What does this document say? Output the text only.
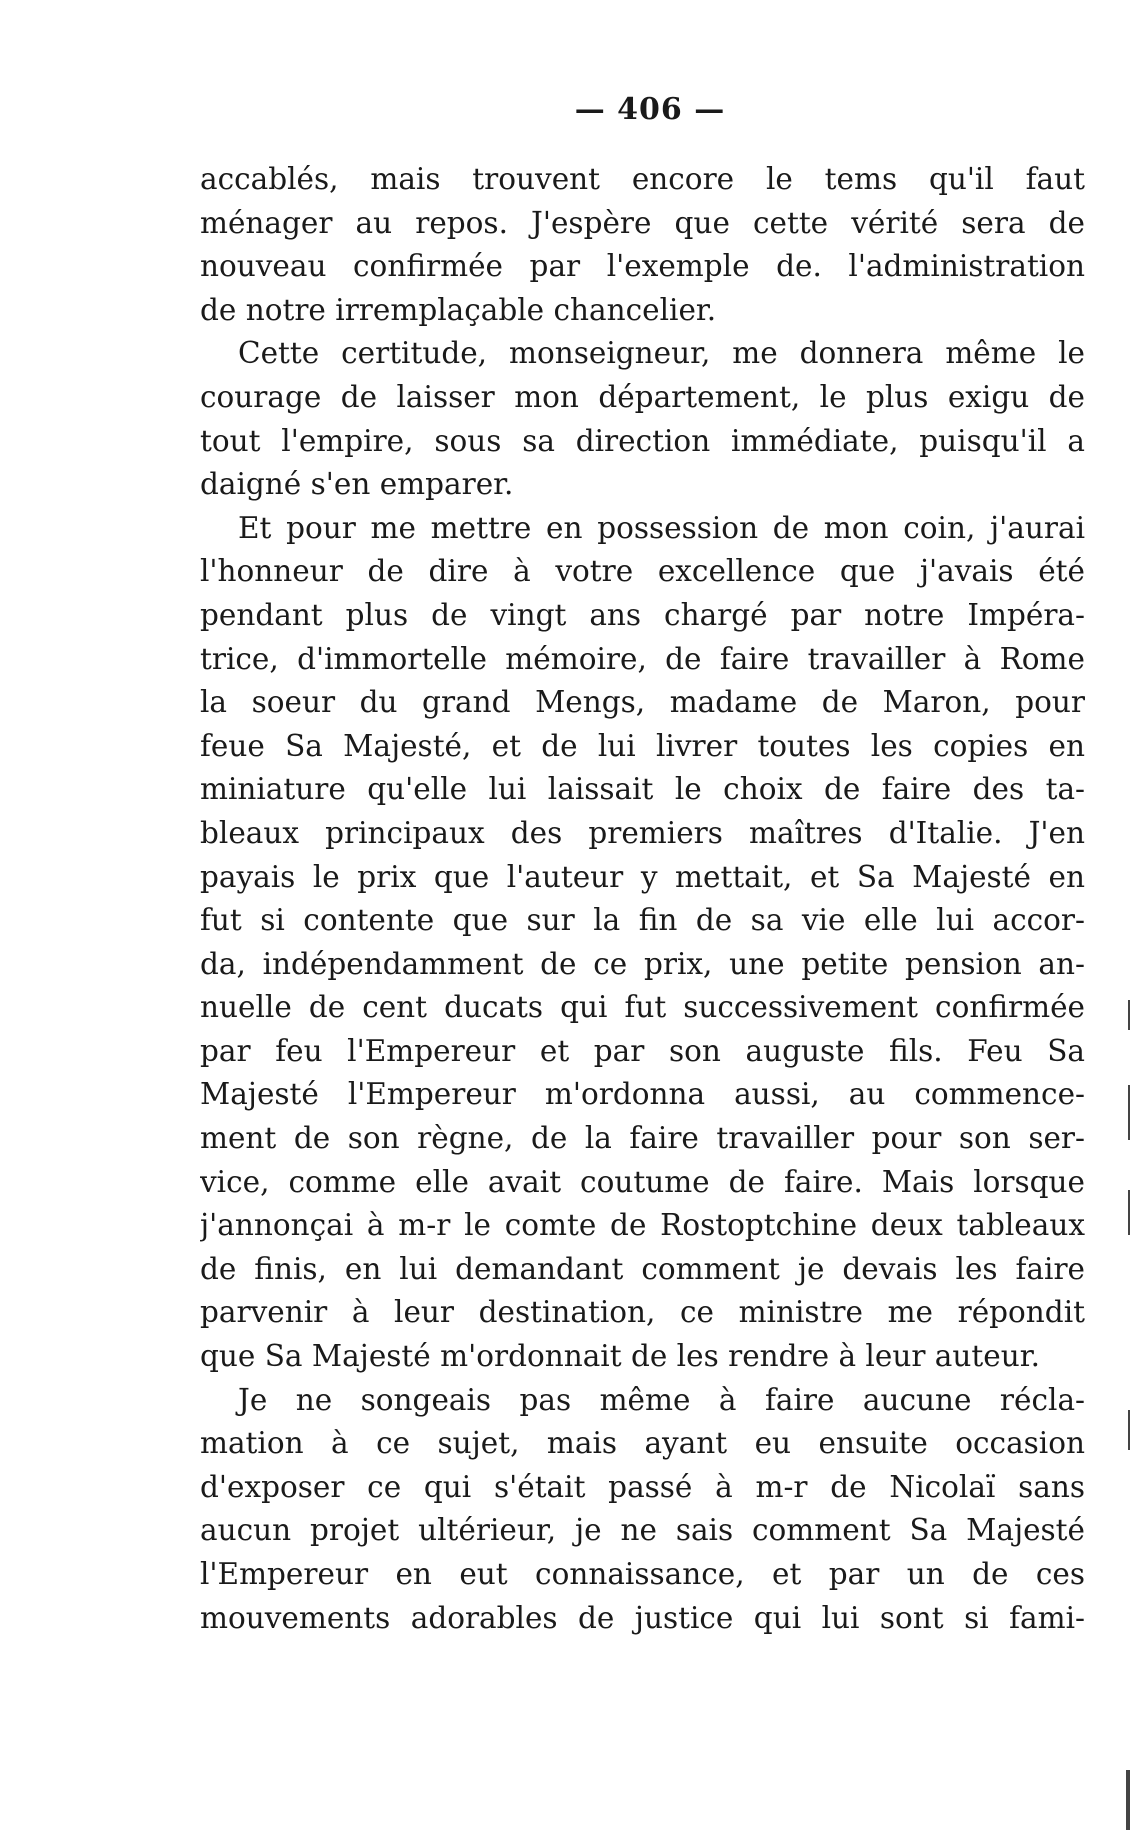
— 406 —
accablés, mais trouvent encore le tems qu'il faut
ménager au repos. J'espère que cette vérité sera de
nouveau confirmée par l'exemple de. l'administration
de notre irremplaçable chancelier.
Cette certitude, monseigneur, me donnera même le
courage de laisser mon département, le plus exigu de
tout l'empire, sous sa direction immédiate, puisqu'il a
daigné s'en emparer.
Et pour me mettre en possession de mon coin, j'aurai
l'honneur de dire à votre excellence que j'avais été
pendant plus de vingt ans chargé par notre Impéra-
trice, d'immortelle mémoire, de faire travailler à Rome
la soeur du grand Mengs, madame de Maron, pour
feue Sa Majesté, et de lui livrer toutes les copies en
miniature qu'elle lui laissait le choix de faire des ta-
bleaux principaux des premiers maîtres d'Italie. J'en
payais le prix que l'auteur y mettait, et Sa Majesté en
fut si contente que sur la fin de sa vie elle lui accor-
da, indépendamment de ce prix, une petite pension an-
nuelle de cent ducats qui fut successivement confirmée
par feu l'Empereur et par son auguste fils. Feu Sa
Majesté l'Empereur m'ordonna aussi, au commence-
ment de son règne, de la faire travailler pour son ser-
vice, comme elle avait coutume de faire. Mais lorsque
j'annonçai à m-r le comte de Rostoptchine deux tableaux
de finis, en lui demandant comment je devais les faire
parvenir à leur destination, ce ministre me répondit
que Sa Majesté m'ordonnait de les rendre à leur auteur.
Je ne songeais pas même à faire aucune récla-
mation à ce sujet, mais ayant eu ensuite occasion
d'exposer ce qui s'était passé à m-r de Nicolaï sans
aucun projet ultérieur, je ne sais comment Sa Majesté
l'Empereur en eut connaissance, et par un de ces
mouvements adorables de justice qui lui sont si fami-
